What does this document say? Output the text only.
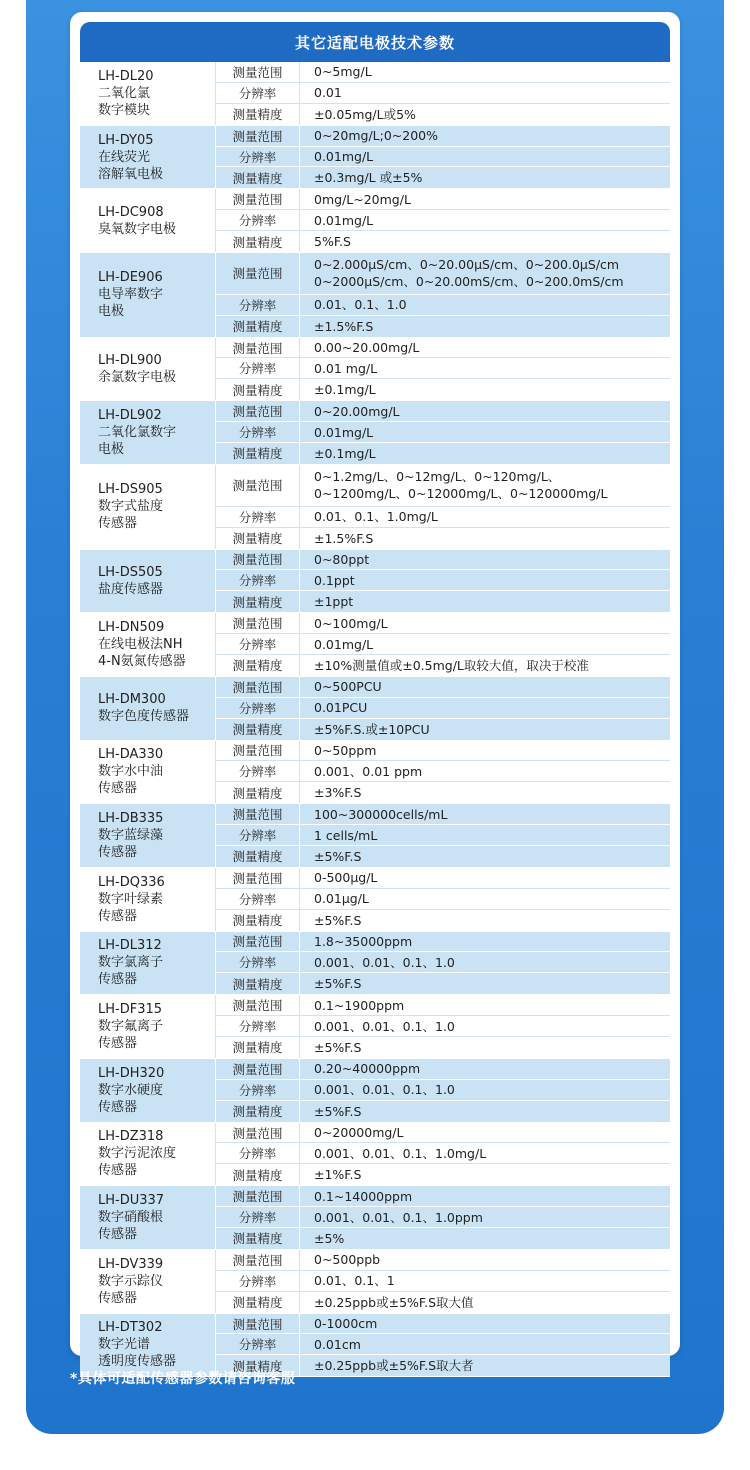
其它适配电极技术参数
LH-DL20
二氧化氯
数字模块
测量范围	0~5mg/L
分辨率	0.01
测量精度	±0.05mg/L或5%
LH-DY05
在线荧光
溶解氧电极
测量范围	0~20mg/L;0~200%
分辨率	0.01mg/L
测量精度	±0.3mg/L 或±5%
LH-DC908
臭氧数字电极
测量范围	0mg/L~20mg/L
分辨率	0.01mg/L
测量精度	5%F.S
LH-DE906
电导率数字
电极
测量范围
0~2.000μS/cm、0~20.00μS/cm、0~200.0μS/cm
0~2000μS/cm、0~20.00mS/cm、0~200.0mS/cm
分辨率	0.01、0.1、1.0
测量精度	±1.5%F.S
LH-DL900
余氯数字电极
测量范围	0.00~20.00mg/L
分辨率	0.01 mg/L
测量精度	±0.1mg/L
LH-DL902
二氧化氯数字
电极
测量范围	0~20.00mg/L
分辨率	0.01mg/L
测量精度	±0.1mg/L
LH-DS905
数字式盐度
传感器
测量范围
0~1.2mg/L、0~12mg/L、0~120mg/L、
0~1200mg/L、0~12000mg/L、0~120000mg/L
分辨率	0.01、0.1、1.0mg/L
测量精度	±1.5%F.S
LH-DS505
盐度传感器
测量范围	0~80ppt
分辨率	0.1ppt
测量精度	±1ppt
LH-DN509
在线电极法NH
4-N氨氮传感器
测量范围	0~100mg/L
分辨率	0.01mg/L
测量精度	±10%测量值或±0.5mg/L取较大值，取决于校准
LH-DM300
数字色度传感器
测量范围	0~500PCU
分辨率	0.01PCU
测量精度	±5%F.S.或±10PCU
LH-DA330
数字水中油
传感器
测量范围	0~50ppm
分辨率	0.001、0.01 ppm
测量精度	±3%F.S
LH-DB335
数字蓝绿藻
传感器
测量范围	100~300000cells/mL
分辨率	1 cells/mL
测量精度	±5%F.S
LH-DQ336
数字叶绿素
传感器
测量范围	0-500μg/L
分辨率	0.01μg/L
测量精度	±5%F.S
LH-DL312
数字氯离子
传感器
测量范围	1.8~35000ppm
分辨率	0.001、0.01、0.1、1.0
测量精度	±5%F.S
LH-DF315
数字氟离子
传感器
测量范围	0.1~1900ppm
分辨率	0.001、0.01、0.1、1.0
测量精度	±5%F.S
LH-DH320
数字水硬度
传感器
测量范围	0.20~40000ppm
分辨率	0.001、0.01、0.1、1.0
测量精度	±5%F.S
LH-DZ318
数字污泥浓度
传感器
测量范围	0~20000mg/L
分辨率	0.001、0.01、0.1、1.0mg/L
测量精度	±1%F.S
LH-DU337
数字硝酸根
传感器
测量范围	0.1~14000ppm
分辨率	0.001、0.01、0.1、1.0ppm
测量精度	±5%
LH-DV339
数字示踪仪
传感器
测量范围	0~500ppb
分辨率	0.01、0.1、1
测量精度	±0.25ppb或±5%F.S取大值
LH-DT302
数字光谱
透明度传感器
测量范围	0-1000cm
分辨率	0.01cm
测量精度	±0.25ppb或±5%F.S取大者
*具体可适配传感器参数请咨询客服
